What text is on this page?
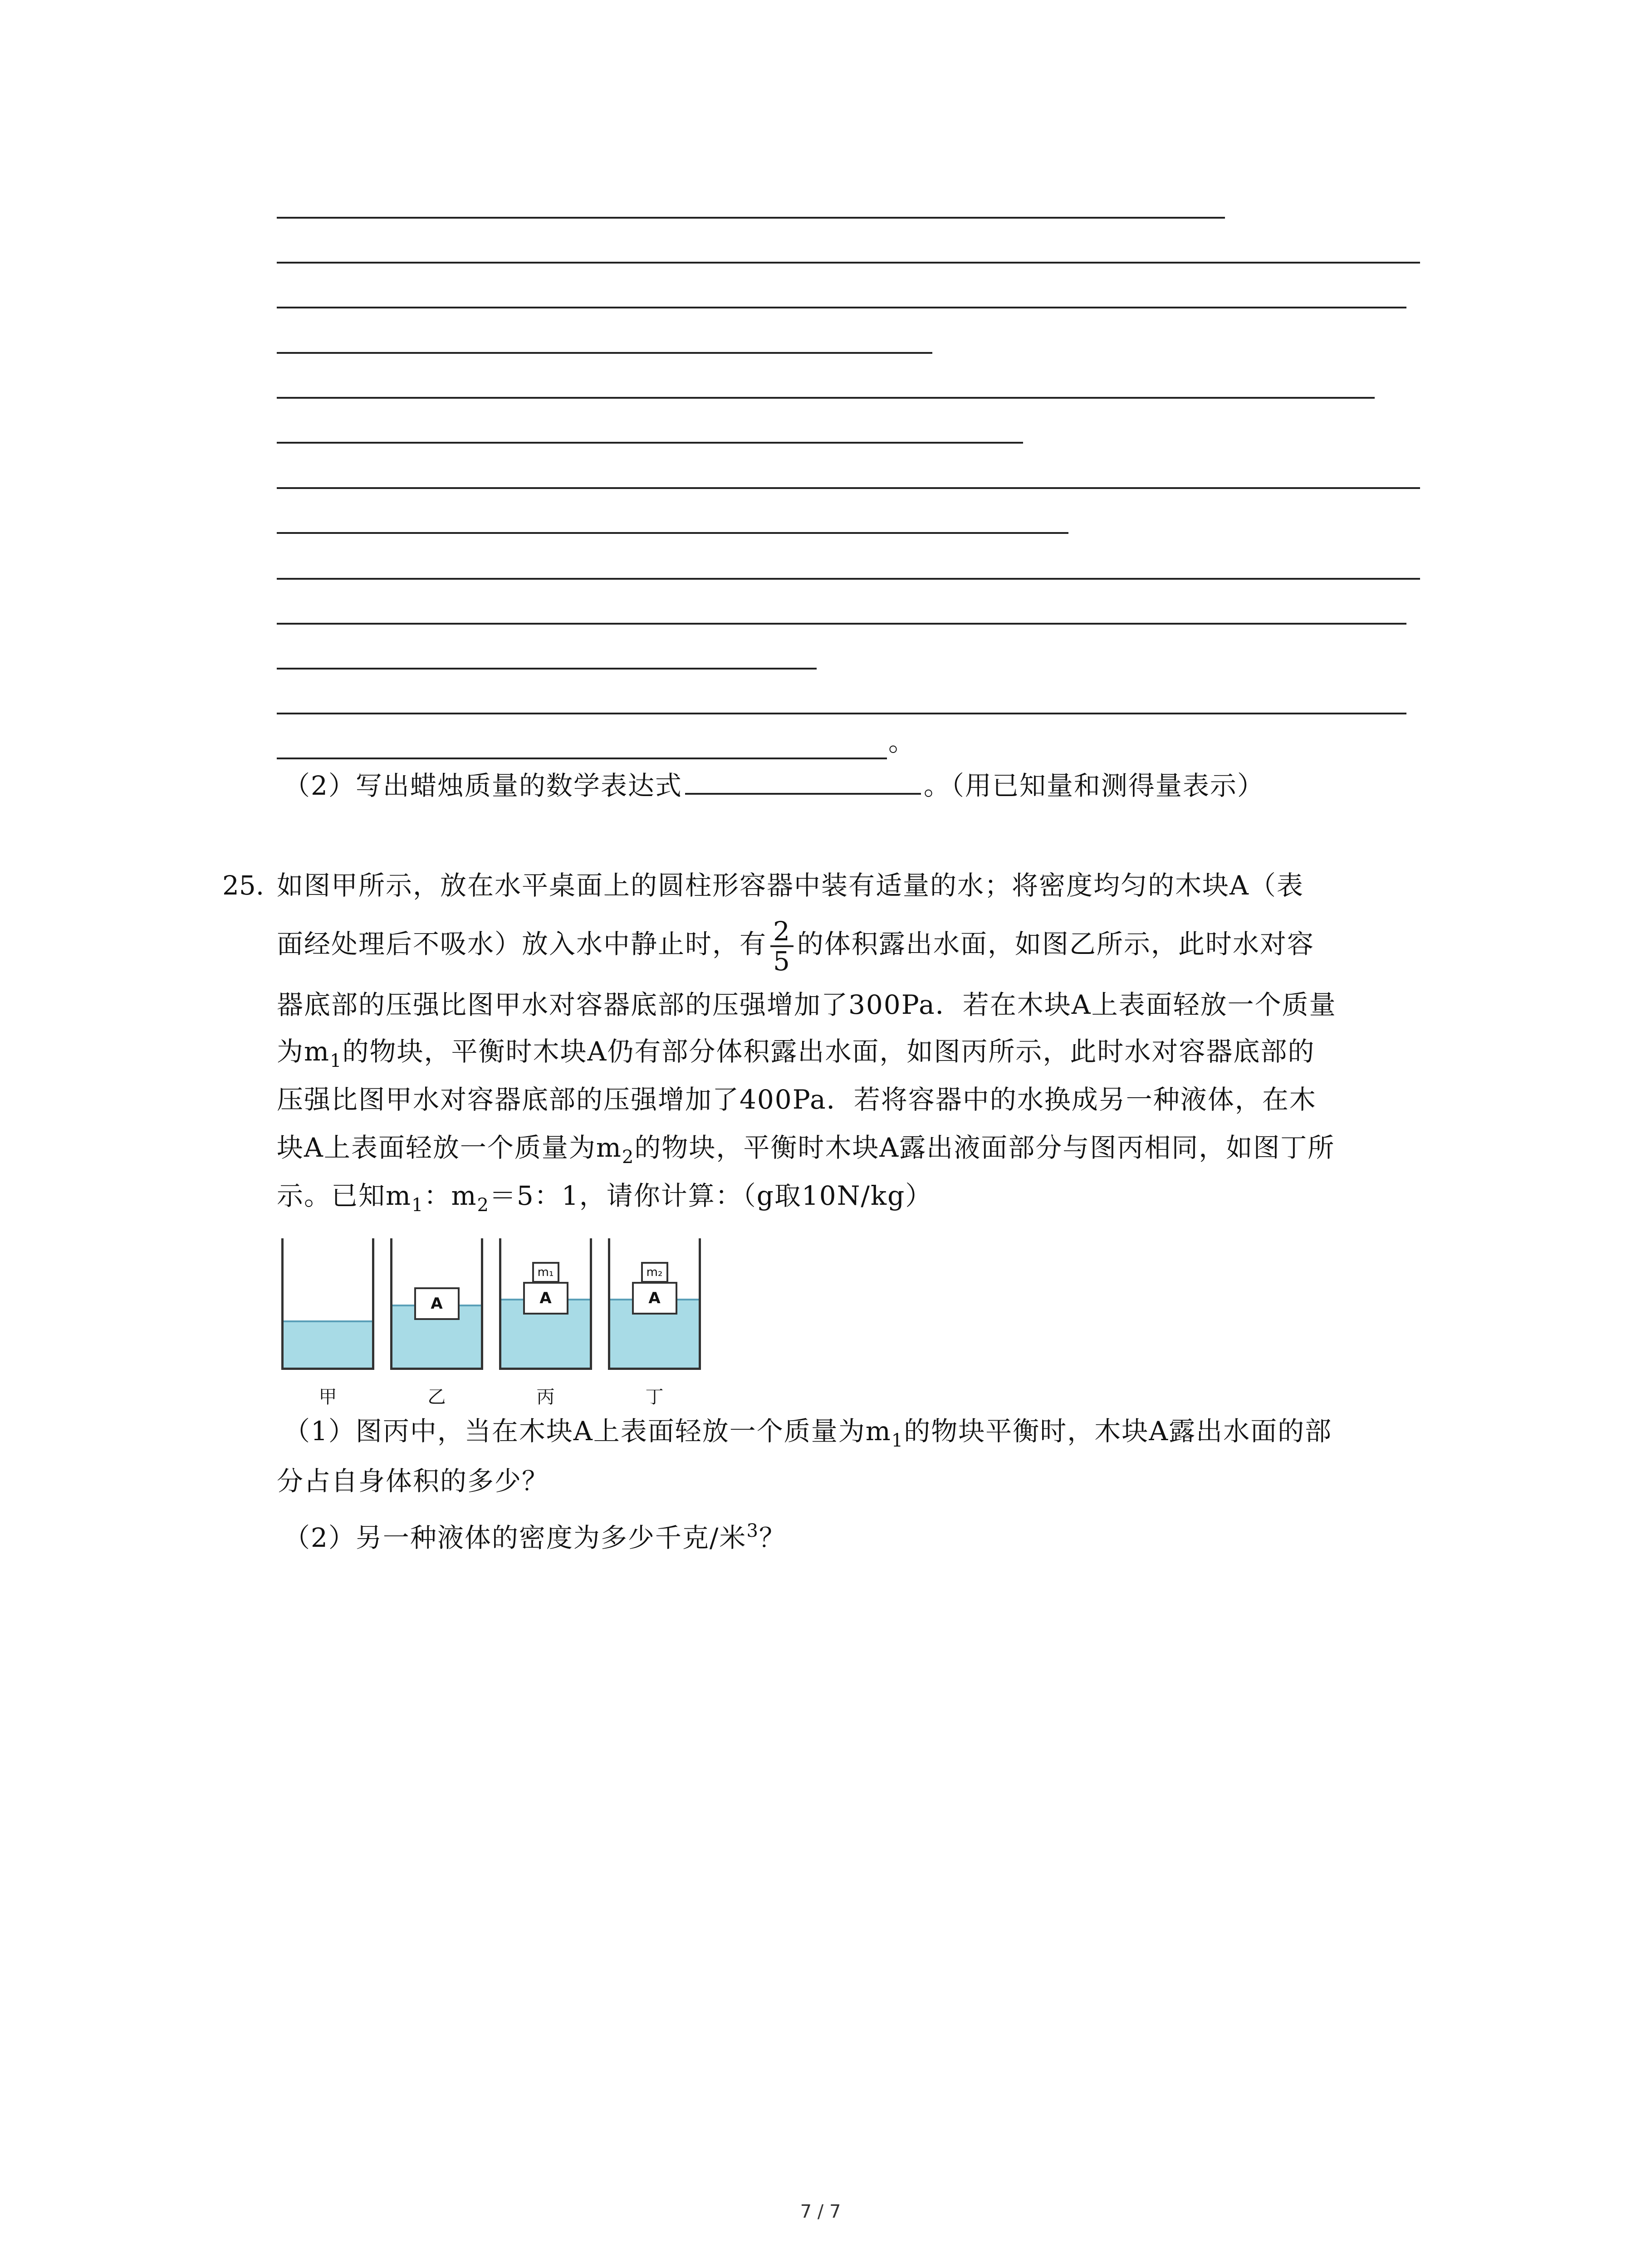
。
（2）写出蜡烛质量的数学表达式	。（用已知量和测得量表示）
25. 如图甲所示，放在水平桌面上的圆柱形容器中装有适量的水；将密度均匀的木块A（表
面经处理后不吸水）放入水中静止时，有 $\frac{2}{5}$ 的体积露出水面，如图乙所示，此时水对容
器底部的压强比图甲水对容器底部的压强增加了300Pa．若在木块A上表面轻放一个质量
为$m_1$的物块，平衡时木块A仍有部分体积露出水面，如图丙所示，此时水对容器底部的
压强比图甲水对容器底部的压强增加了400Pa．若将容器中的水换成另一种液体，在木
块A上表面轻放一个质量为$m_2$的物块，平衡时木块A露出液面部分与图丙相同，如图丁所
示。已知$m_1$：$m_2=5$：1，请你计算：（g取10N/kg）
A
m₁
A
m₂
A
甲	乙	丙	丁
（1）图丙中，当在木块A上表面轻放一个质量为$m_1$的物块平衡时，木块A露出水面的部
分占自身体积的多少？
（2）另一种液体的密度为多少千克/米$^3$？
7 / 7
